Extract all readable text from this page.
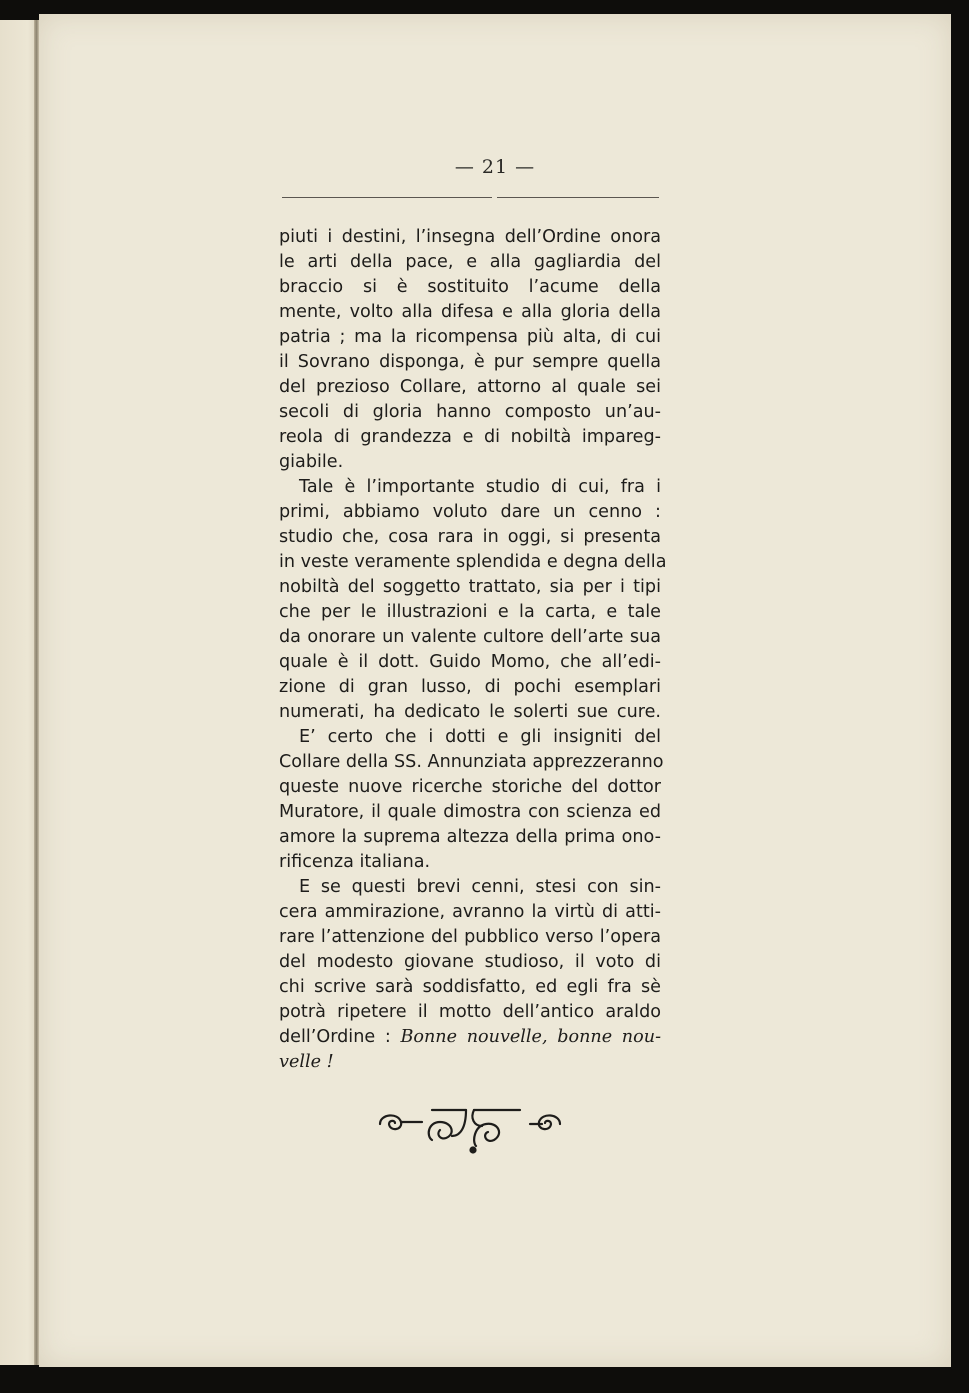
— 21 —
piuti i destini, l’insegna dell’Ordine onora
le arti della pace, e alla gagliardia del
braccio si è sostituito l’acume della
mente, volto alla difesa e alla gloria della
patria ; ma la ricompensa più alta, di cui
il Sovrano disponga, è pur sempre quella
del prezioso Collare, attorno al quale sei
secoli di gloria hanno composto un’au-
reola di grandezza e di nobiltà impareg-
giabile.
Tale è l’importante studio di cui, fra i
primi, abbiamo voluto dare un cenno :
studio che, cosa rara in oggi, si presenta
in veste veramente splendida e degna della
nobiltà del soggetto trattato, sia per i tipi
che per le illustrazioni e la carta, e tale
da onorare un valente cultore dell’arte sua
quale è il dott. Guido Momo, che all’edi-
zione di gran lusso, di pochi esemplari
numerati, ha dedicato le solerti sue cure.
E’ certo che i dotti e gli insigniti del
Collare della SS. Annunziata apprezzeranno
queste nuove ricerche storiche del dottor
Muratore, il quale dimostra con scienza ed
amore la suprema altezza della prima ono-
rificenza italiana.
E se questi brevi cenni, stesi con sin-
cera ammirazione, avranno la virtù di atti-
rare l’attenzione del pubblico verso l’opera
del modesto giovane studioso, il voto di
chi scrive sarà soddisfatto, ed egli fra sè
potrà ripetere il motto dell’antico araldo
dell’Ordine : Bonne nouvelle, bonne nou-
velle !
